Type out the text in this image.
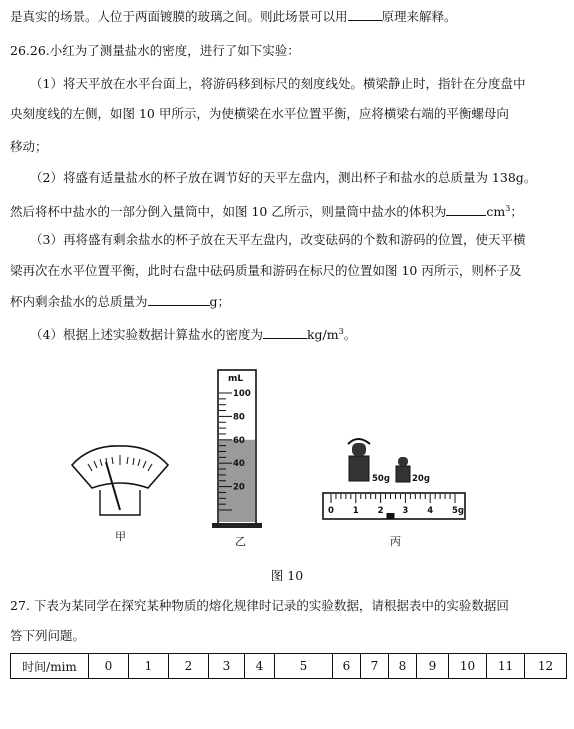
是真实的场景。人位于两面镀膜的玻璃之间。则此场景可以用	原理来解释。
26.26.小红为了测量盐水的密度，进行了如下实验：
（1）将天平放在水平台面上，将游码移到标尺的刻度线处。横梁静止时，指针在分度盘中
央刻度线的左侧，如图 10 甲所示，为使横梁在水平位置平衡，应将横梁右端的平衡螺母向
移动；
（2）将盛有适量盐水的杯子放在调节好的天平左盘内，测出杯子和盐水的总质量为 138g。
然后将杯中盐水的一部分倒入量筒中，如图 10 乙所示，则量筒中盐水的体积为	$cm^3$；
（3）再将盛有剩余盐水的杯子放在天平左盘内，改变砝码的个数和游码的位置，使天平横
梁再次在水平位置平衡，此时右盘中砝码质量和游码在标尺的位置如图 10 丙所示，则杯子及
杯内剩余盐水的总质量为	g；
（4）根据上述实验数据计算盐水的密度为	$kg/m^3$。
甲
100
80
60
40
20
mL
乙
50g	20g
0 1 2 3 4 5g
丙
图 10
27. 下表为某同学在探究某种物质的熔化规律时记录的实验数据，请根据表中的实验数据回
答下列问题。
时间/mim	0	1	2	3	4	5	6	7	8	9	10	11	12
